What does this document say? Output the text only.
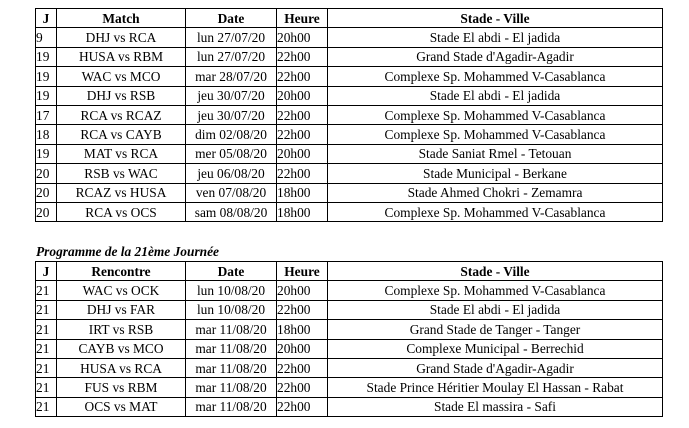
J	Match	Date	Heure	Stade - Ville
9	DHJ vs RCA	lun 27/07/20	20h00	Stade El abdi - El jadida
19	HUSA vs RBM	lun 27/07/20	22h00	Grand Stade d'Agadir-Agadir
19	WAC vs MCO	mar 28/07/20	22h00	Complexe Sp. Mohammed V-Casablanca
19	DHJ vs RSB	jeu 30/07/20	20h00	Stade El abdi - El jadida
17	RCA vs RCAZ	jeu 30/07/20	22h00	Complexe Sp. Mohammed V-Casablanca
18	RCA vs CAYB	dim 02/08/20	22h00	Complexe Sp. Mohammed V-Casablanca
19	MAT vs RCA	mer 05/08/20	20h00	Stade Saniat Rmel - Tetouan
20	RSB vs WAC	jeu 06/08/20	22h00	Stade Municipal - Berkane
20	RCAZ vs HUSA	ven 07/08/20	18h00	Stade Ahmed Chokri - Zemamra
20	RCA vs OCS	sam 08/08/20	18h00	Complexe Sp. Mohammed V-Casablanca
Programme de la 21ème Journée
J	Rencontre	Date	Heure	Stade - Ville
21	WAC vs OCK	lun 10/08/20	20h00	Complexe Sp. Mohammed V-Casablanca
21	DHJ vs FAR	lun 10/08/20	22h00	Stade El abdi - El jadida
21	IRT vs RSB	mar 11/08/20	18h00	Grand Stade de Tanger - Tanger
21	CAYB vs MCO	mar 11/08/20	20h00	Complexe Municipal - Berrechid
21	HUSA vs RCA	mar 11/08/20	22h00	Grand Stade d'Agadir-Agadir
21	FUS vs RBM	mar 11/08/20	22h00	Stade Prince Héritier Moulay El Hassan - Rabat
21	OCS vs MAT	mar 11/08/20	22h00	Stade El massira - Safi
